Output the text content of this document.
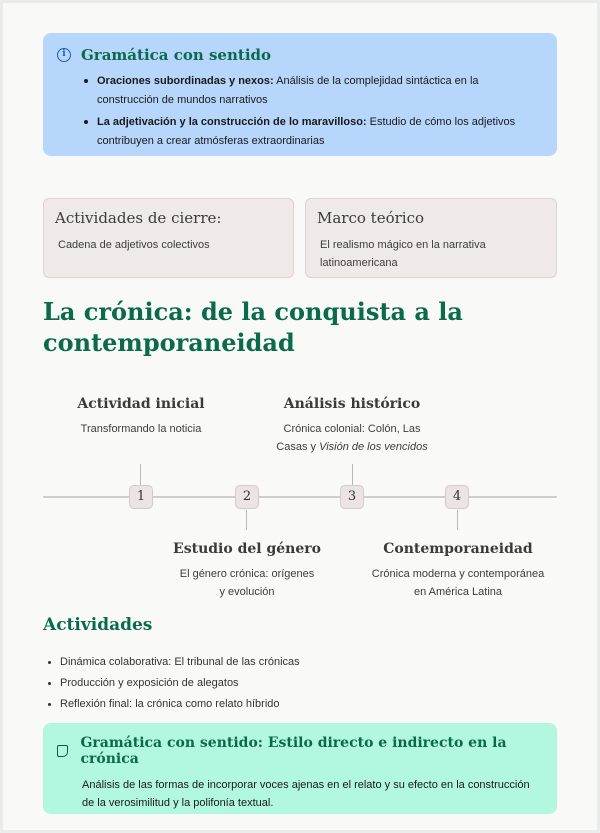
i	Gramática con sentido
Oraciones subordinadas y nexos: Análisis de la complejidad sintáctica en la construcción de mundos narrativos
La adjetivación y la construcción de lo maravilloso: Estudio de cómo los adjetivos contribuyen a crear atmósferas extraordinarias
Actividades de cierre:
Cadena de adjetivos colectivos
Marco teórico
El realismo mágico en la narrativa latinoamericana
La crónica: de la conquista a la contemporaneidad
1	2	3	4
Actividad inicial
Transformando la noticia
Estudio del género
El género crónica: orígenes y evolución
Análisis histórico
Crónica colonial: Colón, Las Casas y Visión de los vencidos
Contemporaneidad
Crónica moderna y contemporánea en América Latina
Actividades
Dinámica colaborativa: El tribunal de las crónicas
Producción y exposición de alegatos
Reflexión final: la crónica como relato híbrido
Gramática con sentido: Estilo directo e indirecto en la crónica
Análisis de las formas de incorporar voces ajenas en el relato y su efecto en la construcción de la verosimilitud y la polifonía textual.
